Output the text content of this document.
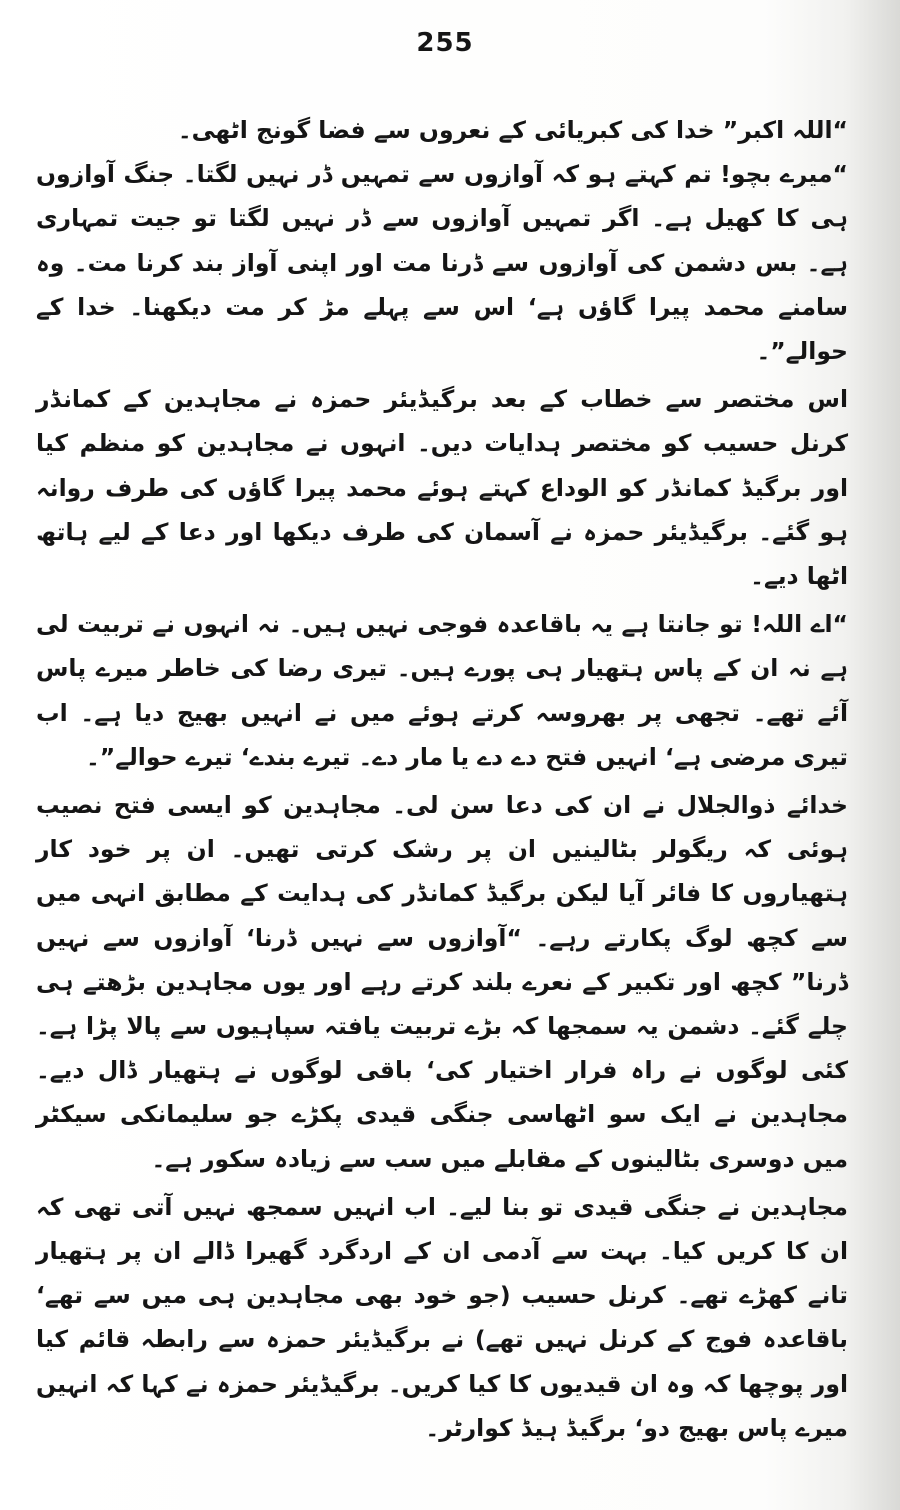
255

“اللہ اکبر” خدا کی کبریائی کے نعروں سے فضا گونج اٹھی۔

“میرے بچو! تم کہتے ہو کہ آوازوں سے تمہیں ڈر نہیں لگتا۔ جنگ آوازوں ہی کا کھیل ہے۔ اگر تمہیں آوازوں سے ڈر نہیں لگتا تو جیت تمہاری ہے۔ بس دشمن کی آوازوں سے ڈرنا مت اور اپنی آواز بند کرنا مت۔ وہ سامنے محمد پیرا گاؤں ہے‘ اس سے پہلے مڑ کر مت دیکھنا۔ خدا کے حوالے”۔

اس مختصر سے خطاب کے بعد برگیڈیئر حمزہ نے مجاہدین کے کمانڈر کرنل حسیب کو مختصر ہدایات دیں۔ انہوں نے مجاہدین کو منظم کیا اور برگیڈ کمانڈر کو الوداع کہتے ہوئے محمد پیرا گاؤں کی طرف روانہ ہو گئے۔ برگیڈیئر حمزہ نے آسمان کی طرف دیکھا اور دعا کے لیے ہاتھ اٹھا دیے۔

“اے اللہ! تو جانتا ہے یہ باقاعدہ فوجی نہیں ہیں۔ نہ انہوں نے تربیت لی ہے نہ ان کے پاس ہتھیار ہی پورے ہیں۔ تیری رضا کی خاطر میرے پاس آئے تھے۔ تجھی پر بھروسہ کرتے ہوئے میں نے انہیں بھیج دیا ہے۔ اب تیری مرضی ہے‘ انہیں فتح دے دے یا مار دے۔ تیرے بندے‘ تیرے حوالے”۔

خدائے ذوالجلال نے ان کی دعا سن لی۔ مجاہدین کو ایسی فتح نصیب ہوئی کہ ریگولر بٹالینیں ان پر رشک کرتی تھیں۔ ان پر خود کار ہتھیاروں کا فائر آیا لیکن برگیڈ کمانڈر کی ہدایت کے مطابق انہی میں سے کچھ لوگ پکارتے رہے۔ “آوازوں سے نہیں ڈرنا‘ آوازوں سے نہیں ڈرنا” کچھ اور تکبیر کے نعرے بلند کرتے رہے اور یوں مجاہدین بڑھتے ہی چلے گئے۔ دشمن یہ سمجھا کہ بڑے تربیت یافتہ سپاہیوں سے پالا پڑا ہے۔ کئی لوگوں نے راہ فرار اختیار کی‘ باقی لوگوں نے ہتھیار ڈال دیے۔ مجاہدین نے ایک سو اٹھاسی جنگی قیدی پکڑے جو سلیمانکی سیکٹر میں دوسری بٹالینوں کے مقابلے میں سب سے زیادہ سکور ہے۔

مجاہدین نے جنگی قیدی تو بنا لیے۔ اب انہیں سمجھ نہیں آتی تھی کہ ان کا کریں کیا۔ بہت سے آدمی ان کے اردگرد گھیرا ڈالے ان پر ہتھیار تانے کھڑے تھے۔ کرنل حسیب (جو خود بھی مجاہدین ہی میں سے تھے‘ باقاعدہ فوج کے کرنل نہیں تھے) نے برگیڈیئر حمزہ سے رابطہ قائم کیا اور پوچھا کہ وہ ان قیدیوں کا کیا کریں۔ برگیڈیئر حمزہ نے کہا کہ انہیں میرے پاس بھیج دو‘ برگیڈ ہیڈ کوارٹر۔
